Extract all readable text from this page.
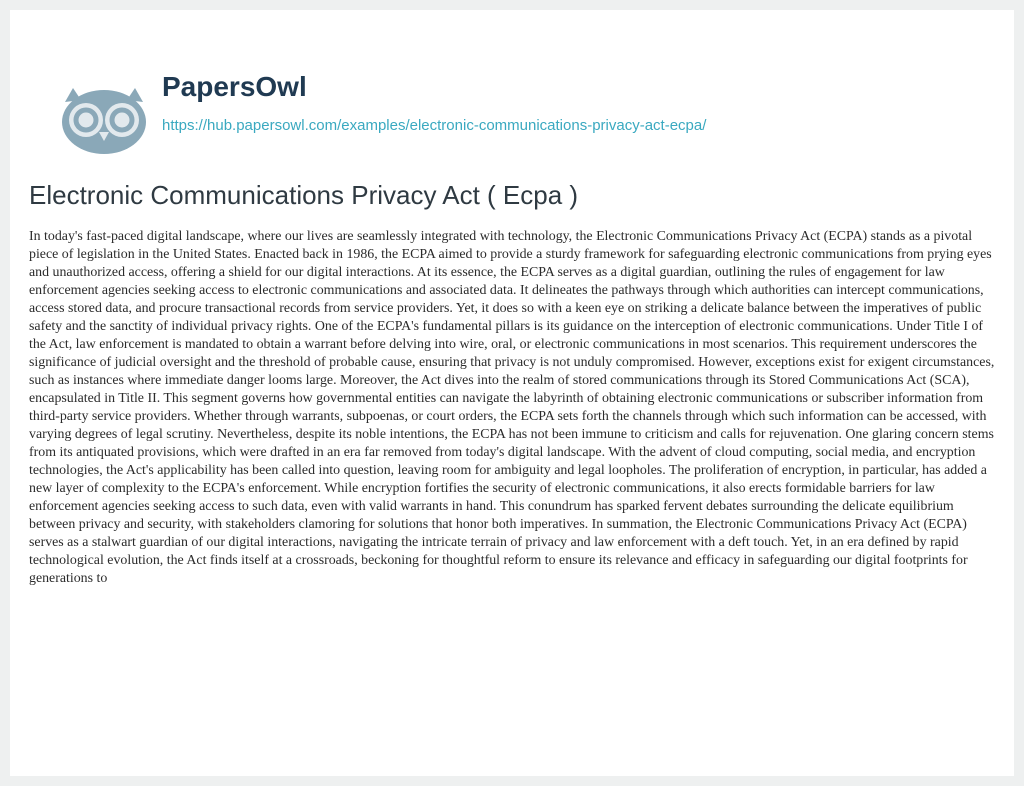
PapersOwl
https://hub.papersowl.com/examples/electronic-communications-privacy-act-ecpa/
Electronic Communications Privacy Act ( Ecpa )

In today's fast-paced digital landscape, where our lives are seamlessly integrated with technology, the Electronic Communications Privacy Act (ECPA) stands as a pivotal piece of legislation in the United States. Enacted back in 1986, the ECPA aimed to provide a sturdy framework for safeguarding electronic communications from prying eyes and unauthorized access, offering a shield for our digital interactions. At its essence, the ECPA serves as a digital guardian, outlining the rules of engagement for law enforcement agencies seeking access to electronic communications and associated data. It delineates the pathways through which authorities can intercept communications, access stored data, and procure transactional records from service providers. Yet, it does so with a keen eye on striking a delicate balance between the imperatives of public safety and the sanctity of individual privacy rights. One of the ECPA's fundamental pillars is its guidance on the interception of electronic communications. Under Title I of the Act, law enforcement is mandated to obtain a warrant before delving into wire, oral, or electronic communications in most scenarios. This requirement underscores the significance of judicial oversight and the threshold of probable cause, ensuring that privacy is not unduly compromised. However, exceptions exist for exigent circumstances, such as instances where immediate danger looms large. Moreover, the Act dives into the realm of stored communications through its Stored Communications Act (SCA), encapsulated in Title II. This segment governs how governmental entities can navigate the labyrinth of obtaining electronic communications or subscriber information from third-party service providers. Whether through warrants, subpoenas, or court orders, the ECPA sets forth the channels through which such information can be accessed, with varying degrees of legal scrutiny. Nevertheless, despite its noble intentions, the ECPA has not been immune to criticism and calls for rejuvenation. One glaring concern stems from its antiquated provisions, which were drafted in an era far removed from today's digital landscape. With the advent of cloud computing, social media, and encryption technologies, the Act's applicability has been called into question, leaving room for ambiguity and legal loopholes. The proliferation of encryption, in particular, has added a new layer of complexity to the ECPA's enforcement. While encryption fortifies the security of electronic communications, it also erects formidable barriers for law enforcement agencies seeking access to such data, even with valid warrants in hand. This conundrum has sparked fervent debates surrounding the delicate equilibrium between privacy and security, with stakeholders clamoring for solutions that honor both imperatives. In summation, the Electronic Communications Privacy Act (ECPA) serves as a stalwart guardian of our digital interactions, navigating the intricate terrain of privacy and law enforcement with a deft touch. Yet, in an era defined by rapid technological evolution, the Act finds itself at a crossroads, beckoning for thoughtful reform to ensure its relevance and efficacy in safeguarding our digital footprints for generations to
